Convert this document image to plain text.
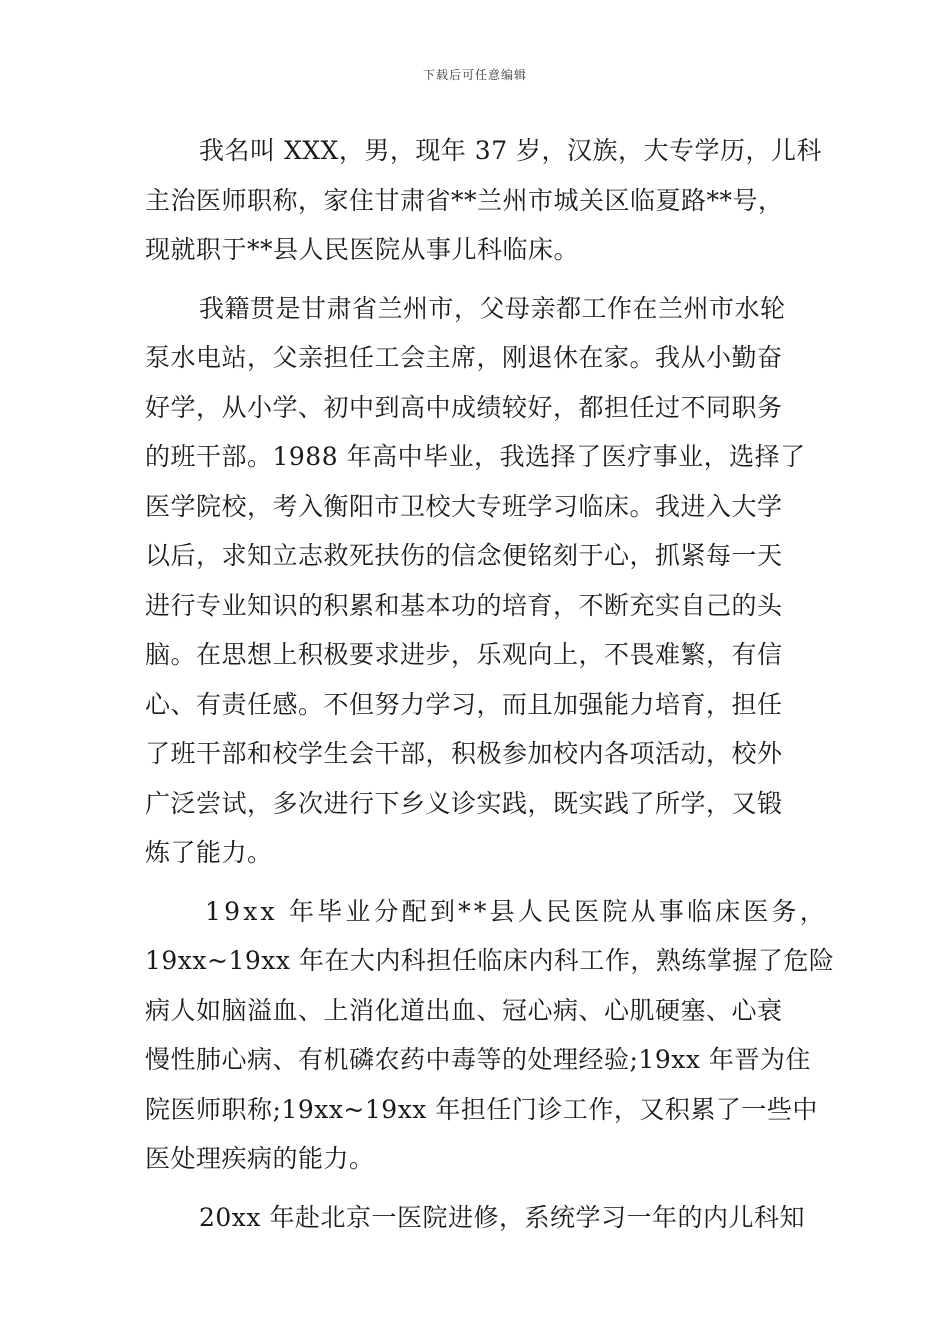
下载后可任意编辑
我名叫 XXX，男，现年 37 岁，汉族，大专学历，儿科
主治医师职称，家住甘肃省**兰州市城关区临夏路**号，
现就职于**县人民医院从事儿科临床。
我籍贯是甘肃省兰州市，父母亲都工作在兰州市水轮
泵水电站，父亲担任工会主席，刚退休在家。我从小勤奋
好学，从小学、初中到高中成绩较好，都担任过不同职务
的班干部。1988 年高中毕业，我选择了医疗事业，选择了
医学院校，考入衡阳市卫校大专班学习临床。我进入大学
以后，求知立志救死扶伤的信念便铭刻于心，抓紧每一天
进行专业知识的积累和基本功的培育，不断充实自己的头
脑。在思想上积极要求进步，乐观向上，不畏难繁，有信
心、有责任感。不但努力学习，而且加强能力培育，担任
了班干部和校学生会干部，积极参加校内各项活动，校外
广泛尝试，多次进行下乡义诊实践，既实践了所学，又锻
炼了能力。
19xx 年毕业分配到**县人民医院从事临床医务，
19xx~19xx 年在大内科担任临床内科工作，熟练掌握了危险
病人如脑溢血、上消化道出血、冠心病、心肌硬塞、心衰
慢性肺心病、有机磷农药中毒等的处理经验;19xx 年晋为住
院医师职称;19xx~19xx 年担任门诊工作，又积累了一些中
医处理疾病的能力。
20xx 年赴北京一医院进修，系统学习一年的内儿科知
